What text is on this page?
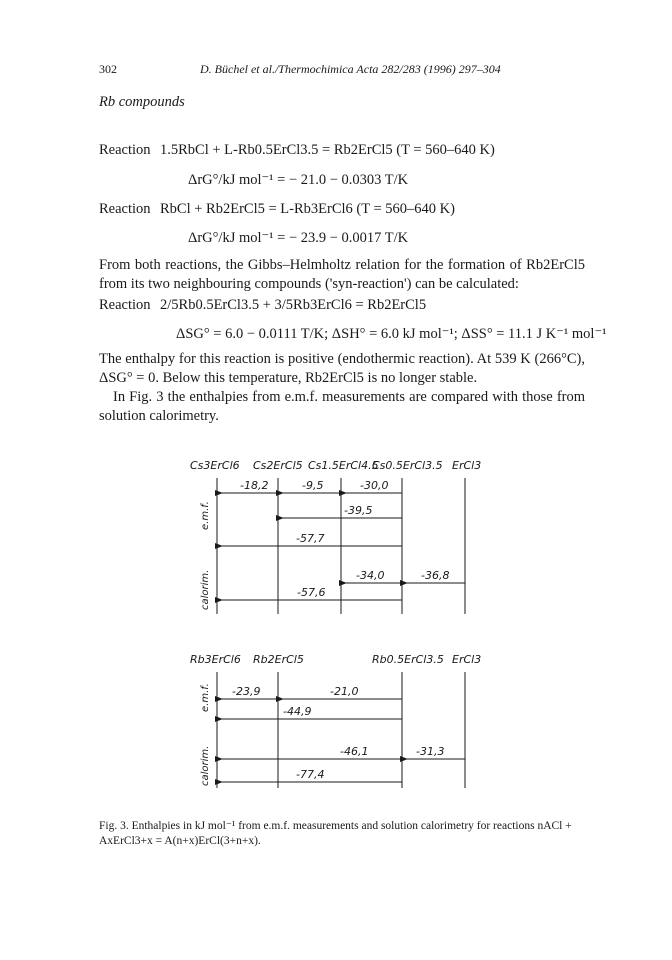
302	D. Büchel et al./Thermochimica Acta 282/283 (1996) 297–304
Rb compounds
Reaction 1.5RbCl + L-Rb0.5ErCl3.5 = Rb2ErCl5 (T = 560–640 K)
ΔrG°/kJ mol⁻¹ = − 21.0 − 0.0303 T/K
Reaction RbCl + Rb2ErCl5 = L-Rb3ErCl6 (T = 560–640 K)
ΔrG°/kJ mol⁻¹ = − 23.9 − 0.0017 T/K
From both reactions, the Gibbs–Helmholtz relation for the formation of Rb2ErCl5 from its two neighbouring compounds ('syn-reaction') can be calculated:
Reaction 2/5Rb0.5ErCl3.5 + 3/5Rb3ErCl6 = Rb2ErCl5
ΔSG° = 6.0 − 0.0111 T/K; ΔSH° = 6.0 kJ mol⁻¹; ΔSS° = 11.1 J K⁻¹ mol⁻¹
The enthalpy for this reaction is positive (endothermic reaction). At 539 K (266°C), ΔSG° = 0. Below this temperature, Rb2ErCl5 is no longer stable.
In Fig. 3 the enthalpies from e.m.f. measurements are compared with those from solution calorimetry.
Cs3ErCl6 Cs2ErCl5 Cs1.5ErCl4.5
Cs0.5ErCl3.5 ErCl3
-18,2	-9,5	-30,0
-39,5
-57,7
-34,0	-36,8
-57,6
Rb3ErCl6 Rb2ErCl5	Rb0.5ErCl3.5 ErCl3
-23,9	-21,0
-44,9
-46,1	-31,3
-77,4
e.m.f.
calorim.
e.m.f.
calorim.
Fig. 3. Enthalpies in kJ mol⁻¹ from e.m.f. measurements and solution calorimetry for reactions nACl + AxErCl3+x = A(n+x)ErCl(3+n+x).
